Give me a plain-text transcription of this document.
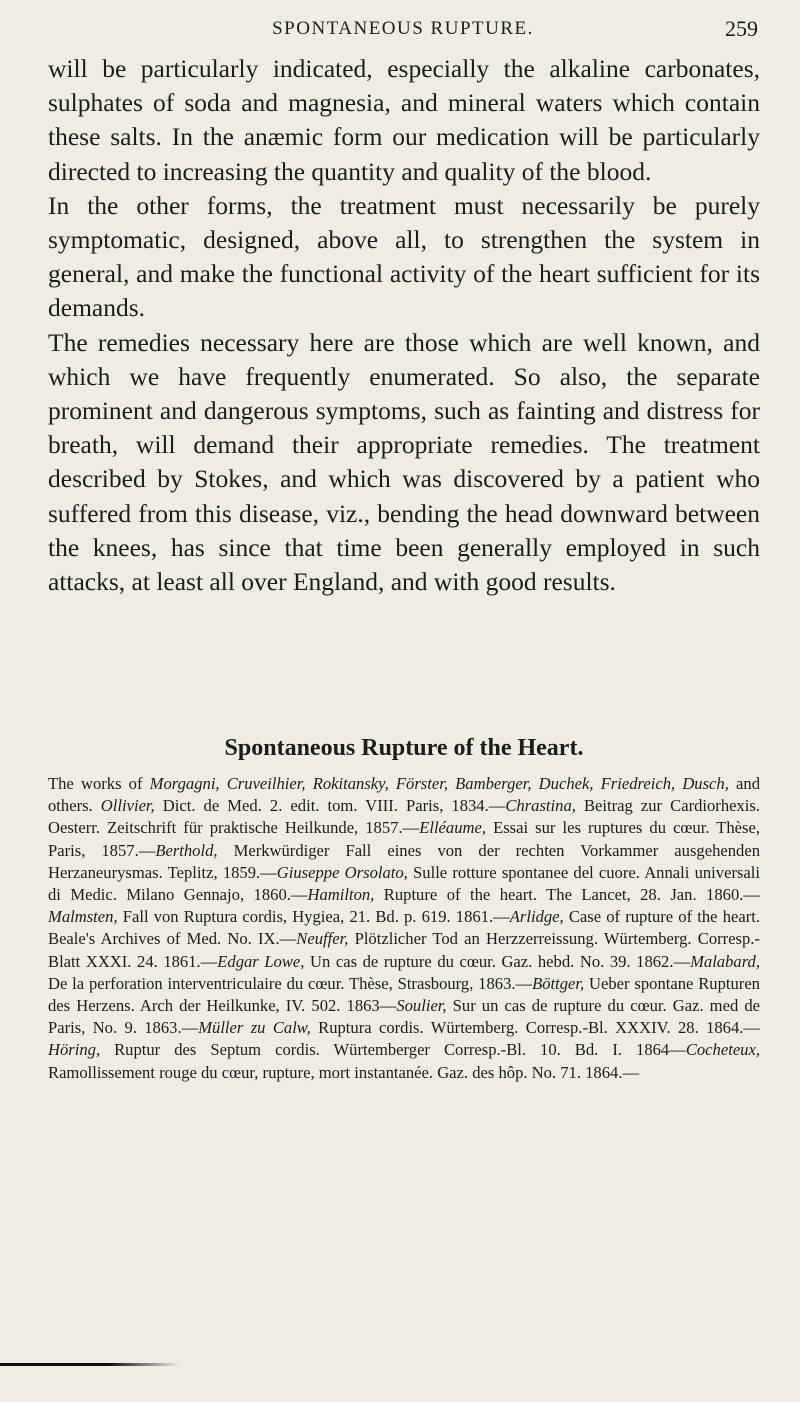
SPONTANEOUS RUPTURE.	259

will be particularly indicated, especially the alkaline carbonates, sulphates of soda and magnesia, and mineral waters which contain these salts. In the anæmic form our medication will be particularly directed to increasing the quantity and quality of the blood.

In the other forms, the treatment must necessarily be purely symptomatic, designed, above all, to strengthen the system in general, and make the functional activity of the heart sufficient for its demands.

The remedies necessary here are those which are well known, and which we have frequently enumerated. So also, the separate prominent and dangerous symptoms, such as fainting and distress for breath, will demand their appropriate remedies. The treatment described by Stokes, and which was discovered by a patient who suffered from this disease, viz., bending the head downward between the knees, has since that time been generally employed in such attacks, at least all over England, and with good results.

Spontaneous Rupture of the Heart.
The works of Morgagni, Cruveilhier, Rokitansky, Förster, Bamberger, Duchek, Friedreich, Dusch, and others. Ollivier, Dict. de Med. 2. edit. tom. VIII. Paris, 1834.—Chrastina, Beitrag zur Cardiorhexis. Oesterr. Zeitschrift für praktische Heilkunde, 1857.—Elléaume, Essai sur les ruptures du cœur. Thèse, Paris, 1857.—Berthold, Merkwürdiger Fall eines von der rechten Vorkammer ausgehenden Herzaneurysmas. Teplitz, 1859.—Giuseppe Orsolato, Sulle rotture spontanee del cuore. Annali universali di Medic. Milano Gennajo, 1860.—Hamilton, Rupture of the heart. The Lancet, 28. Jan. 1860.—Malmsten, Fall von Ruptura cordis, Hygiea, 21. Bd. p. 619. 1861.—Arlidge, Case of rupture of the heart. Beale's Archives of Med. No. IX.—Neuffer, Plötzlicher Tod an Herzzerreissung. Würtemberg. Corresp.-Blatt XXXI. 24. 1861.—Edgar Lowe, Un cas de rupture du cœur. Gaz. hebd. No. 39. 1862.—Malabard, De la perforation interventriculaire du cœur. Thèse, Strasbourg, 1863.—Böttger, Ueber spontane Rupturen des Herzens. Arch der Heilkunke, IV. 502. 1863—Soulier, Sur un cas de rupture du cœur. Gaz. med de Paris, No. 9. 1863.—Müller zu Calw, Ruptura cordis. Würtemberg. Corresp.-Bl. XXXIV. 28. 1864.—Höring, Ruptur des Septum cordis. Würtemberger Corresp.-Bl. 10. Bd. I. 1864—Cocheteux, Ramollissement rouge du cœur, rupture, mort instantanée. Gaz. des hôp. No. 71. 1864.—
